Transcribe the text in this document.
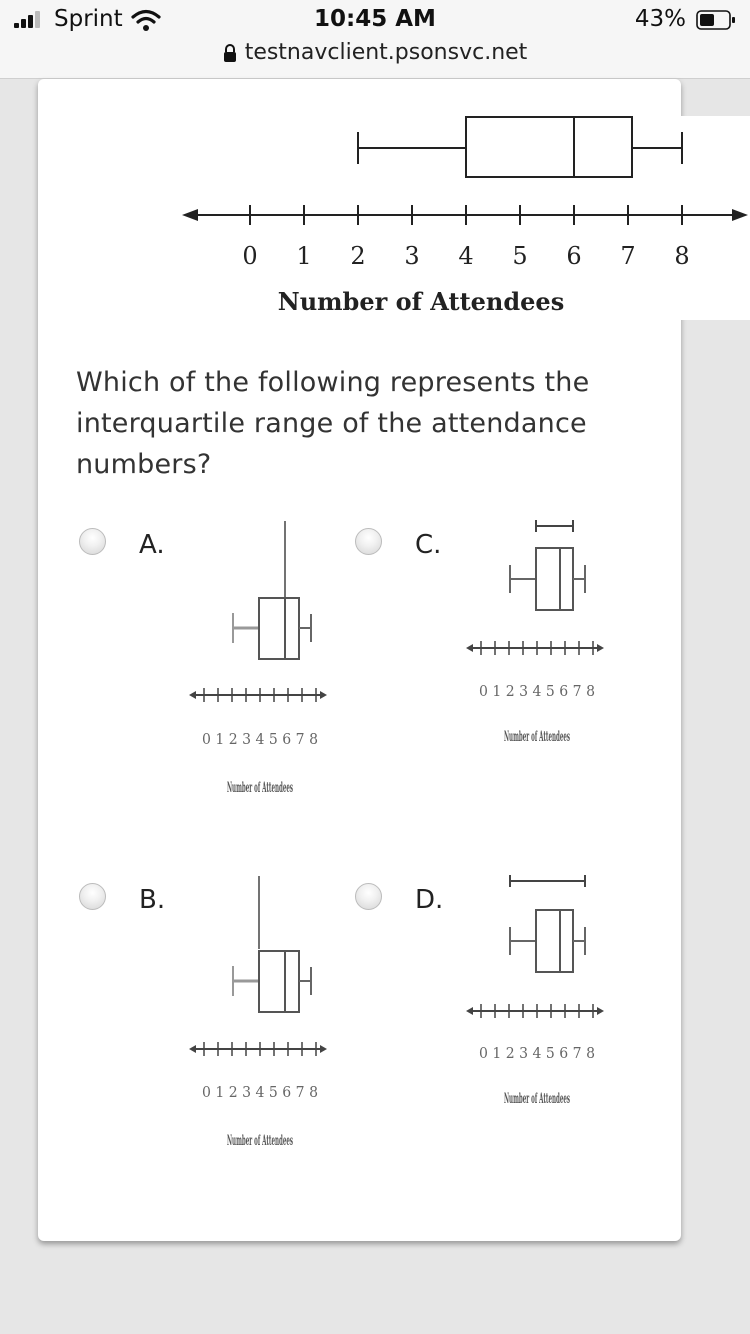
Sprint	10:45 AM	43%
testnavclient.psonsvc.net
0 1 2 3 4 5 6 7 8
Number of Attendees
Which of the following represents the interquartile range of the attendance numbers?
A.	C.
B.	D.
0 1 2 3 4 5 6 7 8
Number of Attendees
0 1 2 3 4 5 6 7 8
Number of Attendees
0 1 2 3 4 5 6 7 8
Number of Attendees
0 1 2 3 4 5 6 7 8
Number of Attendees
